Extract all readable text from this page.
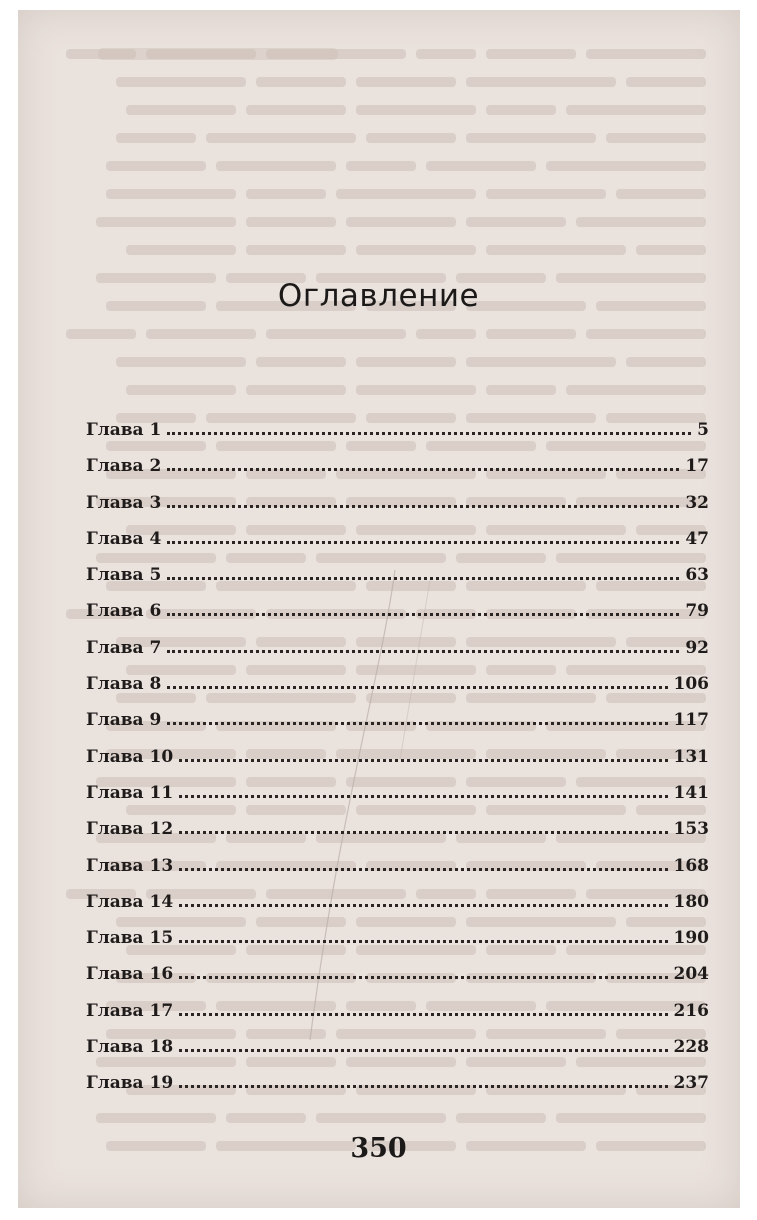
Оглавление
Глава 1	5
Глава 2	17
Глава 3	32
Глава 4	47
Глава 5	63
Глава 6	79
Глава 7	92
Глава 8	106
Глава 9	117
Глава 10	131
Глава 11	141
Глава 12	153
Глава 13	168
Глава 14	180
Глава 15	190
Глава 16	204
Глава 17	216
Глава 18	228
Глава 19	237
350
